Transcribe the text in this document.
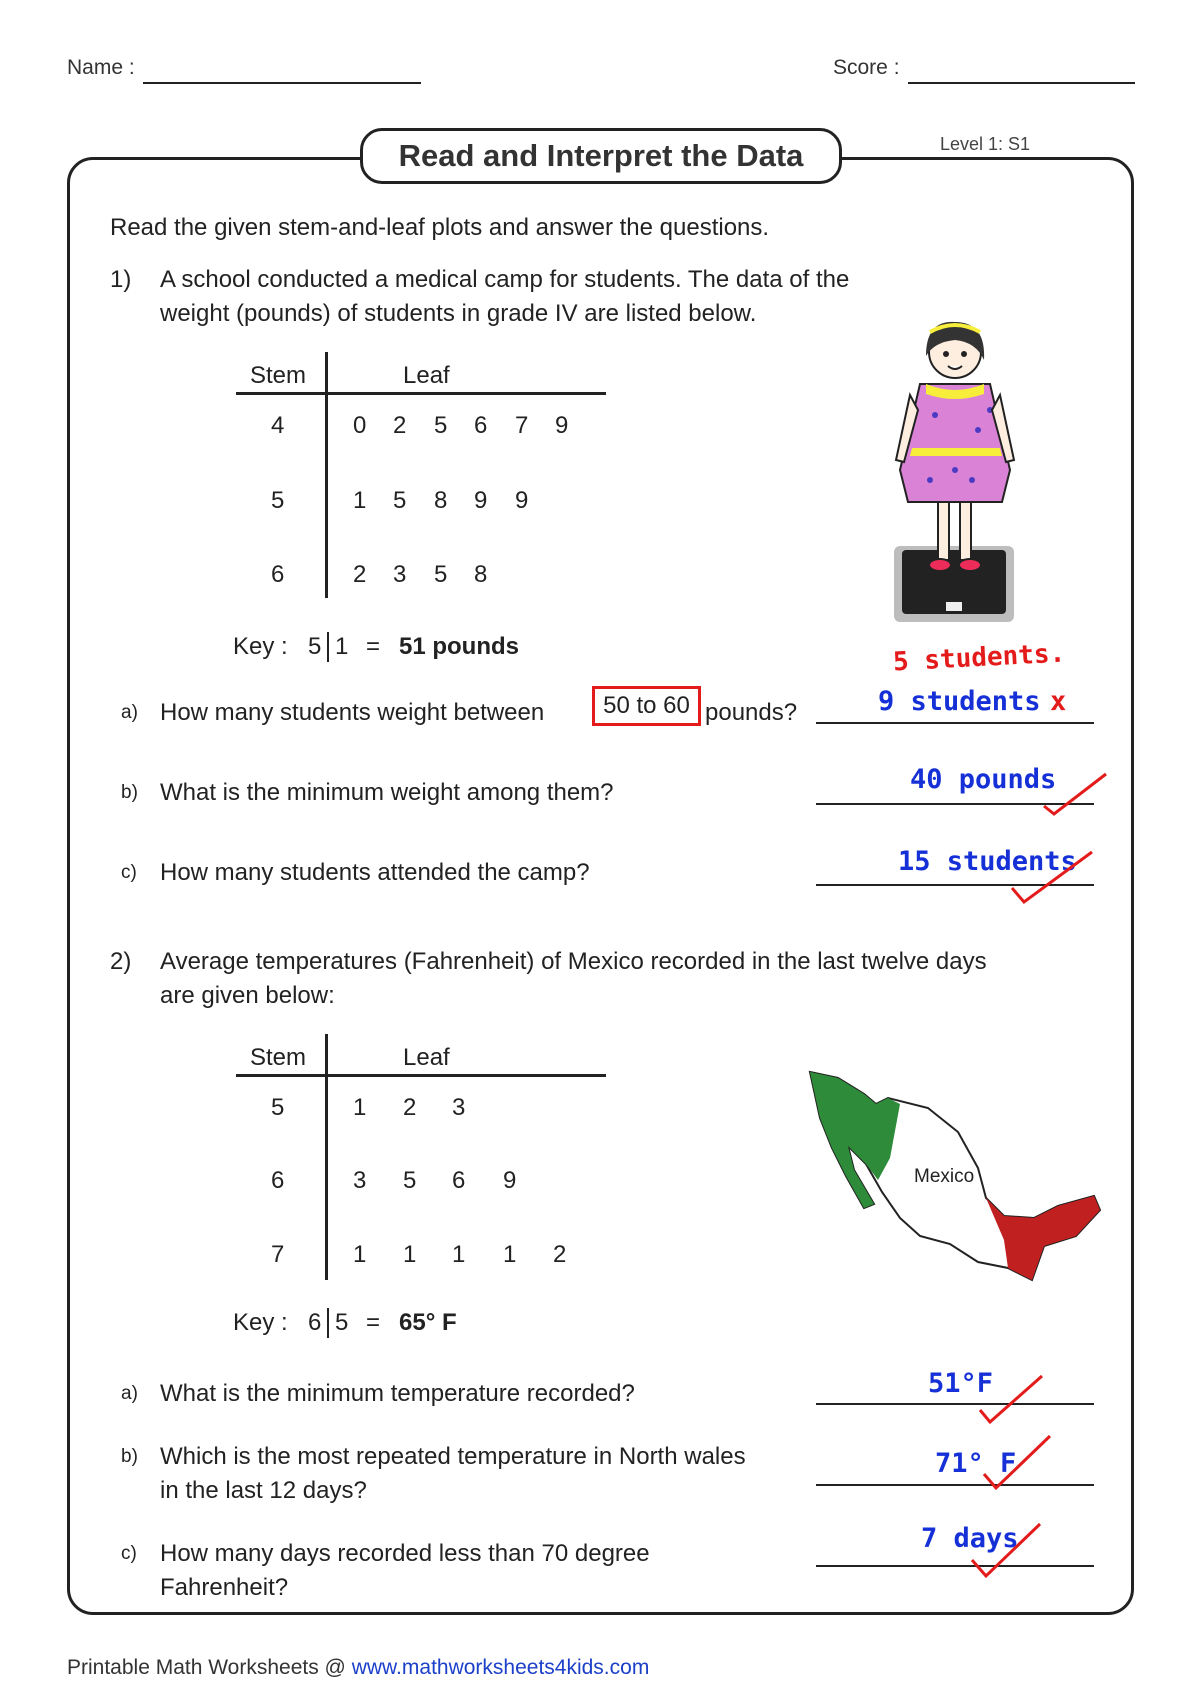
Name :	Score :
Read and Interpret the Data	Level 1: S1
Read the given stem-and-leaf plots and answer the questions.
1) A school conducted a medical camp for students. The data of the
weight (pounds) of students in grade IV are listed below.
Stem	Leaf
4	0 2 5 6 7 9
5	1 5 8 9 9
6	2 3 5 8
Key : 5 1 = 51 pounds	5 students.
a) How many students weight between	50 to 60 pounds?	9 students x
b) What is the minimum weight among them?	40 pounds
c) How many students attended the camp?	15 students
2) Average temperatures (Fahrenheit) of Mexico recorded in the last twelve days
are given below:
Stem	Leaf
5	1 2 3
6	3 5 6 9
7	1 1 1 1 2
Mexico
Key : 6 5 = 65° F
a) What is the minimum temperature recorded?	51°F
b) Which is the most repeated temperature in North wales
in the last 12 days?
71° F
c) How many days recorded less than 70 degree
Fahrenheit?
7 days
Printable Math Worksheets @ www.mathworksheets4kids.com
